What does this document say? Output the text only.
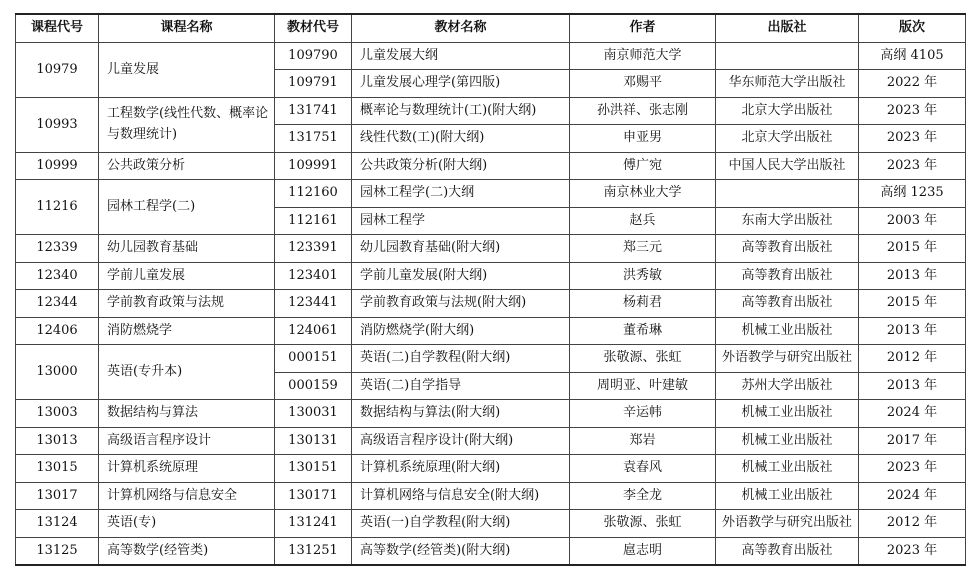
课程代号	课程名称	教材代号	教材名称	作者	出版社	版次
10979	儿童发展	109790	儿童发展大纲	南京师范大学		高纲 4105
		109791	儿童发展心理学(第四版)	邓赐平	华东师范大学出版社	2022 年
10993	工程数学(线性代数、概率论与数理统计)	131741	概率论与数理统计(工)(附大纲)	孙洪祥、张志刚	北京大学出版社	2023 年
		131751	线性代数(工)(附大纲)	申亚男	北京大学出版社	2023 年
10999	公共政策分析	109991	公共政策分析(附大纲)	傅广宛	中国人民大学出版社	2023 年
11216	园林工程学(二)	112160	园林工程学(二)大纲	南京林业大学		高纲 1235
		112161	园林工程学	赵兵	东南大学出版社	2003 年
12339	幼儿园教育基础	123391	幼儿园教育基础(附大纲)	郑三元	高等教育出版社	2015 年
12340	学前儿童发展	123401	学前儿童发展(附大纲)	洪秀敏	高等教育出版社	2013 年
12344	学前教育政策与法规	123441	学前教育政策与法规(附大纲)	杨莉君	高等教育出版社	2015 年
12406	消防燃烧学	124061	消防燃烧学(附大纲)	董希琳	机械工业出版社	2013 年
13000	英语(专升本)	000151	英语(二)自学教程(附大纲)	张敬源、张虹	外语教学与研究出版社	2012 年
		000159	英语(二)自学指导	周明亚、叶建敏	苏州大学出版社	2013 年
13003	数据结构与算法	130031	数据结构与算法(附大纲)	辛运帏	机械工业出版社	2024 年
13013	高级语言程序设计	130131	高级语言程序设计(附大纲)	郑岩	机械工业出版社	2017 年
13015	计算机系统原理	130151	计算机系统原理(附大纲)	袁春风	机械工业出版社	2023 年
13017	计算机网络与信息安全	130171	计算机网络与信息安全(附大纲)	李全龙	机械工业出版社	2024 年
13124	英语(专)	131241	英语(一)自学教程(附大纲)	张敬源、张虹	外语教学与研究出版社	2012 年
13125	高等数学(经管类)	131251	高等数学(经管类)(附大纲)	扈志明	高等教育出版社	2023 年
